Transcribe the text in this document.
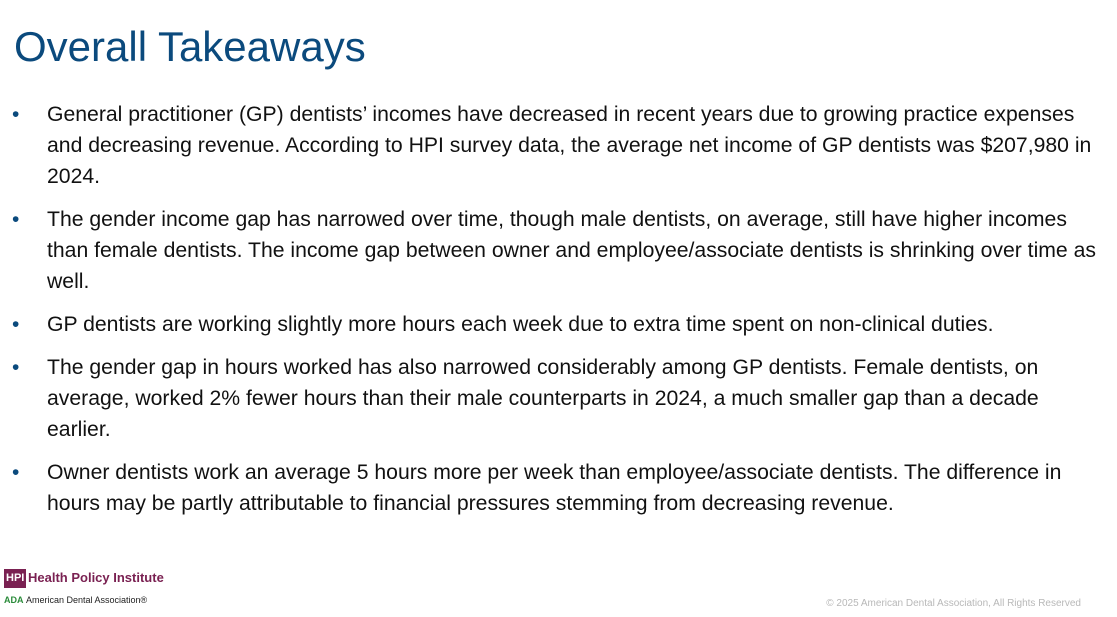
Overall Takeaways
• General practitioner (GP) dentists’ incomes have decreased in recent years due to growing practice expenses and decreasing revenue. According to HPI survey data, the average net income of GP dentists was $207,980 in 2024.
• The gender income gap has narrowed over time, though male dentists, on average, still have higher incomes than female dentists. The income gap between owner and employee/associate dentists is shrinking over time as well.
• GP dentists are working slightly more hours each week due to extra time spent on non-clinical duties.
• The gender gap in hours worked has also narrowed considerably among GP dentists. Female dentists, on average, worked 2% fewer hours than their male counterparts in 2024, a much smaller gap than a decade earlier.
• Owner dentists work an average 5 hours more per week than employee/associate dentists. The difference in hours may be partly attributable to financial pressures stemming from decreasing revenue.
HPI Health Policy Institute
ADA American Dental Association®	© 2025 American Dental Association, All Rights Reserved
